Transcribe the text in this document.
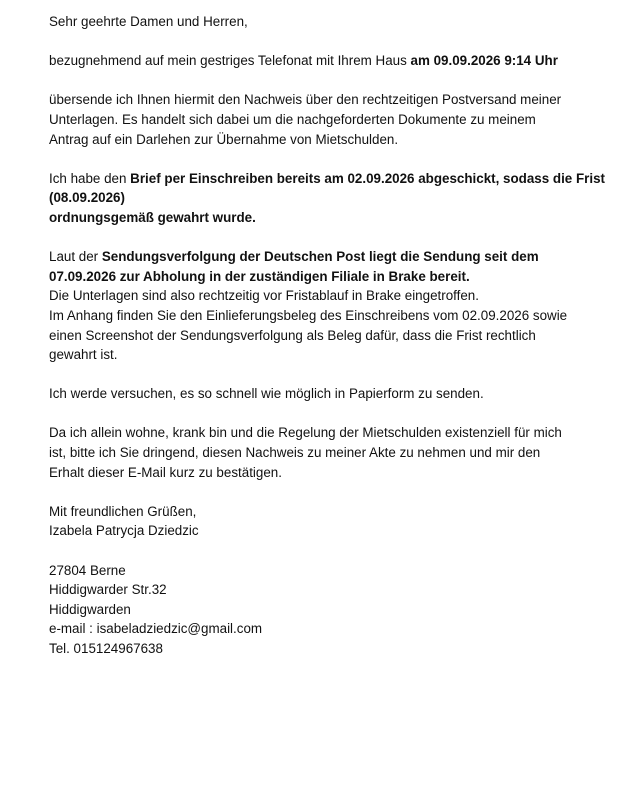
Sehr geehrte Damen und Herren,

bezugnehmend auf mein gestriges Telefonat mit Ihrem Haus am 09.09.2026 9:14 Uhr

übersende ich Ihnen hiermit den Nachweis über den rechtzeitigen Postversand meiner
Unterlagen. Es handelt sich dabei um die nachgeforderten Dokumente zu meinem
Antrag auf ein Darlehen zur Übernahme von Mietschulden.

Ich habe den Brief per Einschreiben bereits am 02.09.2026 abgeschickt, sodass die Frist
(08.09.2026)
ordnungsgemäß gewahrt wurde.

Laut der Sendungsverfolgung der Deutschen Post liegt die Sendung seit dem
07.09.2026 zur Abholung in der zuständigen Filiale in Brake bereit.
Die Unterlagen sind also rechtzeitig vor Fristablauf in Brake eingetroffen.
Im Anhang finden Sie den Einlieferungsbeleg des Einschreibens vom 02.09.2026 sowie
einen Screenshot der Sendungsverfolgung als Beleg dafür, dass die Frist rechtlich
gewahrt ist.

Ich werde versuchen, es so schnell wie möglich in Papierform zu senden.

Da ich allein wohne, krank bin und die Regelung der Mietschulden existenziell für mich
ist, bitte ich Sie dringend, diesen Nachweis zu meiner Akte zu nehmen und mir den
Erhalt dieser E-Mail kurz zu bestätigen.

Mit freundlichen Grüßen,

Izabela Patrycja Dziedzic

27804 Berne

Hiddigwarder Str.32

Hiddigwarden

e-mail : isabeladziedzic@gmail.com

Tel. 015124967638
